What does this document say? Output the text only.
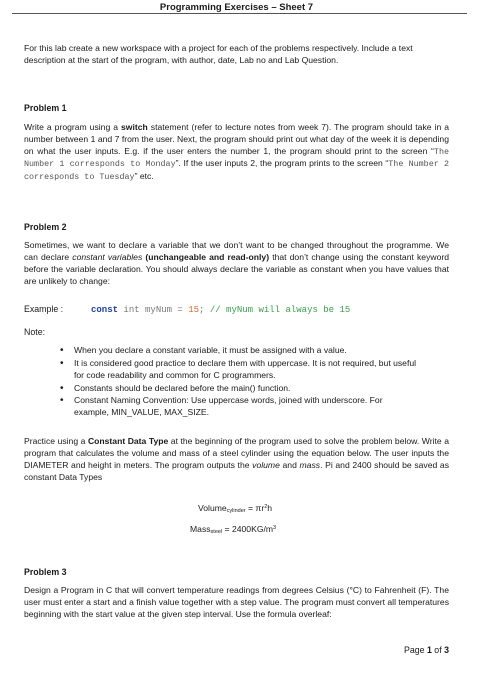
Programming Exercises – Sheet 7

For this lab create a new workspace with a project for each of the problems respectively. Include a text description at the start of the program, with author, date, Lab no and Lab Question.

Problem 1

Write a program using a switch statement (refer to lecture notes from week 7). The program should take in a number between 1 and 7 from the user. Next, the program should print out what day of the week it is depending on what the user inputs. E.g. if the user enters the number 1, the program should print to the screen “The Number 1 corresponds to Monday”. If the user inputs 2, the program prints to the screen “The Number 2 corresponds to Tuesday” etc.

Problem 2

Sometimes, we want to declare a variable that we don’t want to be changed throughout the programme. We can declare constant variables (unchangeable and read-only) that don’t change using the constant keyword before the variable declaration. You should always declare the variable as constant when you have values that are unlikely to change:

Example :	const int myNum = 15; // myNum will always be 15
Note:
• When you declare a constant variable, it must be assigned with a value.
• It is considered good practice to declare them with uppercase. It is not required, but useful for code readability and common for C programmers.
• Constants should be declared before the main() function.
• Constant Naming Convention: Use uppercase words, joined with underscore. For example, MIN_VALUE, MAX_SIZE.

Practice using a Constant Data Type at the beginning of the program used to solve the problem below. Write a program that calculates the volume and mass of a steel cylinder using the equation below. The user inputs the DIAMETER and height in meters. The program outputs the volume and mass. Pi and 2400 should be saved as constant Data Types

Volumecylinder = $\pi r^2h$
Masssteel = $2400KG/m^3$
Problem 3

Design a Program in C that will convert temperature readings from degrees Celsius (°C) to Fahrenheit (F). The user must enter a start and a finish value together with a step value. The program must convert all temperatures beginning with the start value at the given step interval. Use the formula overleaf:

Page 1 of 3
